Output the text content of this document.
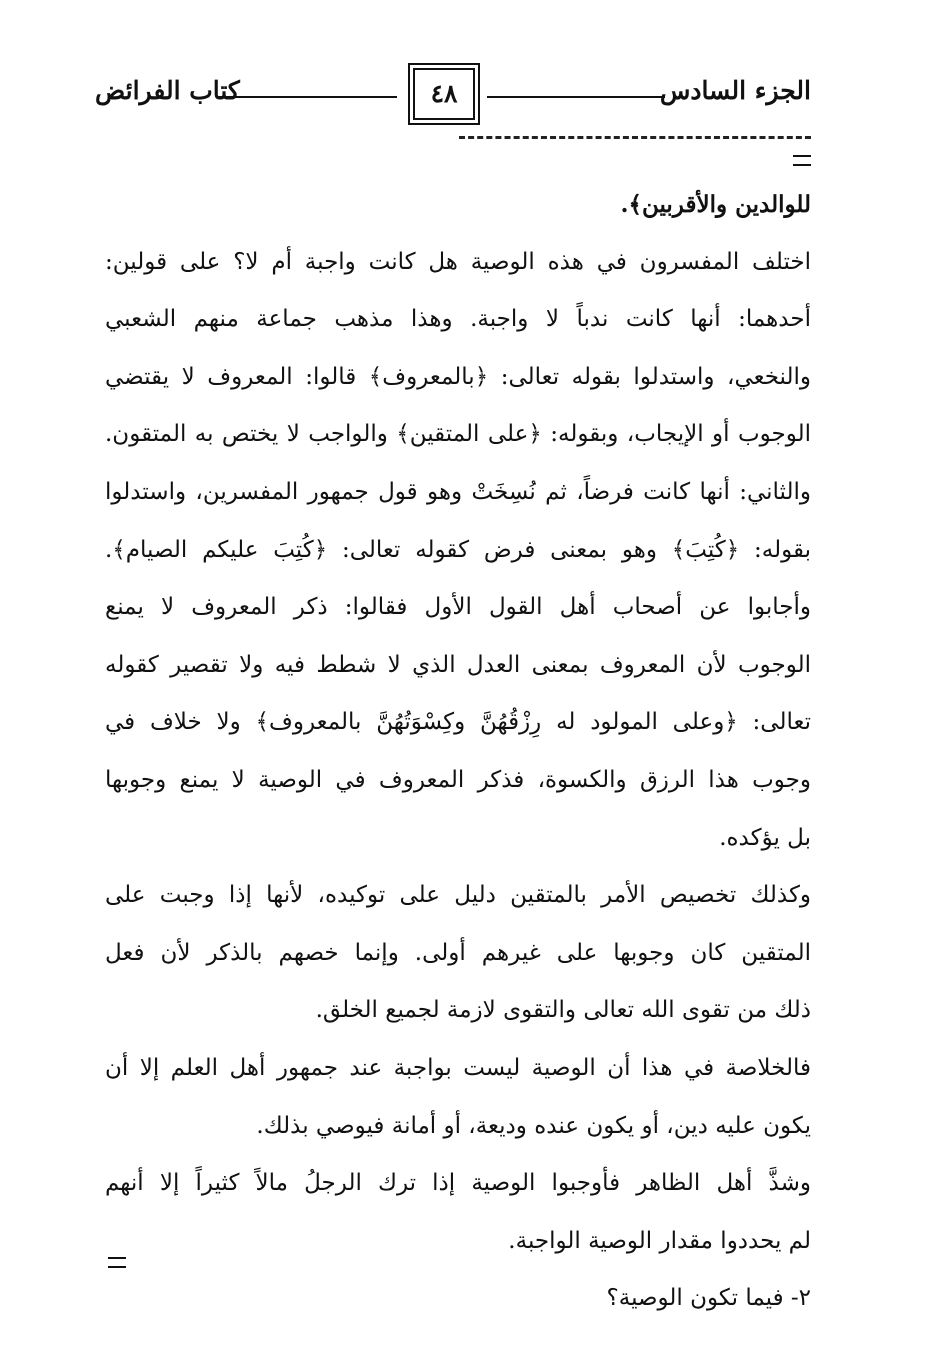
الجزء السادس
٤٨
كتاب الفرائض
للوالدين والأقربين﴾.
اختلف المفسرون في هذه الوصية هل كانت واجبة أم لا؟ على قولين:
أحدهما: أنها كانت ندباً لا واجبة. وهذا مذهب جماعة منهم الشعبي
والنخعي، واستدلوا بقوله تعالى: ﴿بالمعروف﴾ قالوا: المعروف لا يقتضي
الوجوب أو الإيجاب، وبقوله: ﴿على المتقين﴾ والواجب لا يختص به المتقون.
والثاني: أنها كانت فرضاً، ثم نُسِخَتْ وهو قول جمهور المفسرين، واستدلوا
بقوله: ﴿كُتِبَ﴾ وهو بمعنى فرض كقوله تعالى: ﴿كُتِبَ عليكم الصيام﴾.
وأجابوا عن أصحاب أهل القول الأول فقالوا: ذكر المعروف لا يمنع
الوجوب لأن المعروف بمعنى العدل الذي لا شطط فيه ولا تقصير كقوله
تعالى: ﴿وعلى المولود له رِزْقُهُنَّ وكِسْوَتُهُنَّ بالمعروف﴾ ولا خلاف في
وجوب هذا الرزق والكسوة، فذكر المعروف في الوصية لا يمنع وجوبها
بل يؤكده.
وكذلك تخصيص الأمر بالمتقين دليل على توكيده، لأنها إذا وجبت على
المتقين كان وجوبها على غيرهم أولى. وإنما خصهم بالذكر لأن فعل
ذلك من تقوى الله تعالى والتقوى لازمة لجميع الخلق.
فالخلاصة في هذا أن الوصية ليست بواجبة عند جمهور أهل العلم إلا أن
يكون عليه دين، أو يكون عنده وديعة، أو أمانة فيوصي بذلك.
وشذَّ أهل الظاهر فأوجبوا الوصية إذا ترك الرجلُ مالاً كثيراً إلا أنهم
لم يحددوا مقدار الوصية الواجبة.
٢- فيما تكون الوصية؟
